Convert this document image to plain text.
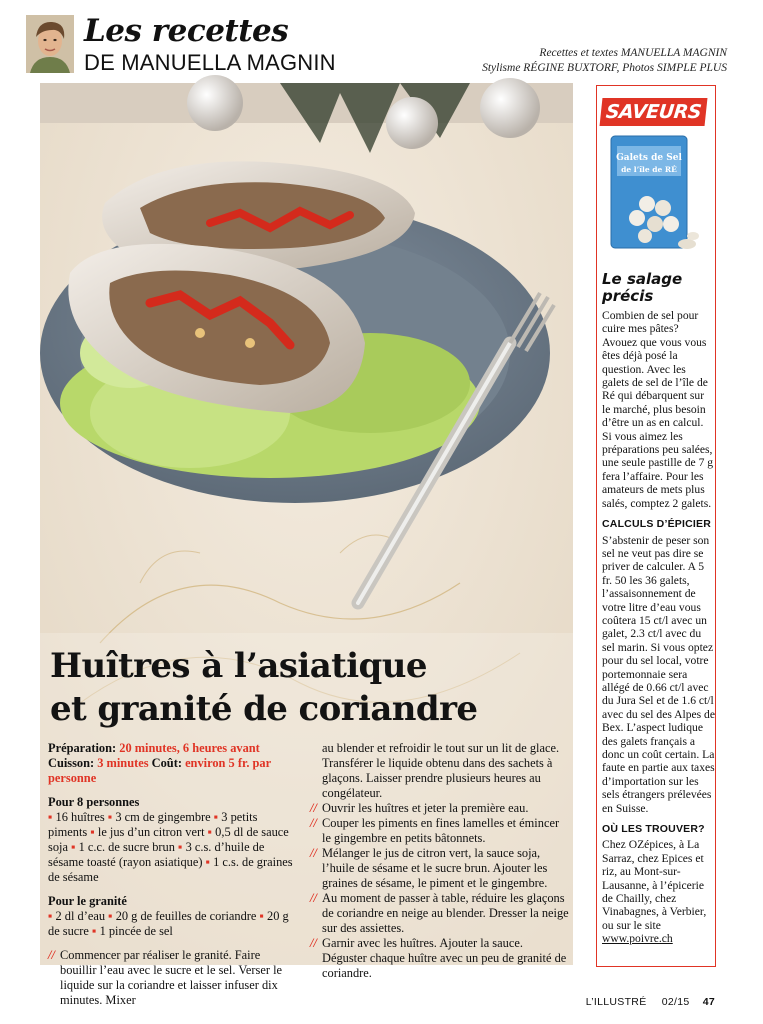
Les recettes
DE MANUELLA MAGNIN	Recettes et textes MANUELLA MAGNIN
Stylisme RÉGINE BUXTORF, Photos SIMPLE PLUS
Huîtres à l’asiatique
et granité de coriandre
Préparation: 20 minutes, 6 heures avant Cuisson: 3 minutes Coût: environ 5 fr. par personne
Pour 8 personnes
▪ 16 huîtres ▪ 3 cm de gingembre ▪ 3 petits piments ▪ le jus d’un citron vert ▪ 0,5 dl de sauce soja ▪ 1 c.c. de sucre brun ▪ 3 c.s. d’huile de sésame toasté (rayon asiatique) ▪ 1 c.s. de graines de sésame
Pour le granité
▪ 2 dl d’eau ▪ 20 g de feuilles de coriandre ▪ 20 g de sucre ▪ 1 pincée de sel
// Commencer par réaliser le granité. Faire bouillir l’eau avec le sucre et le sel. Verser le liquide sur la coriandre et laisser infuser dix minutes. Mixer
au blender et refroidir le tout sur un lit de glace. Transférer le liquide obtenu dans des sachets à glaçons. Laisser prendre plusieurs heures au congélateur.
// Ouvrir les huîtres et jeter la première eau.
// Couper les piments en fines lamelles et émincer le gingembre en petits bâtonnets.
// Mélanger le jus de citron vert, la sauce soja, l’huile de sésame et le sucre brun. Ajouter les graines de sésame, le piment et le gingembre.
// Au moment de passer à table, réduire les glaçons de coriandre en neige au blender. Dresser la neige sur des assiettes.
// Garnir avec les huîtres. Ajouter la sauce. Déguster chaque huître avec un peu de granité de coriandre.
SAVEURS
Galets de Sel
de l’île de RÉ
Le salage
précis

Combien de sel pour cuire mes pâtes? Avouez que vous vous êtes déjà posé la question. Avec les galets de sel de l’île de Ré qui débarquent sur le marché, plus besoin d’être un as en calcul. Si vous aimez les préparations peu salées, une seule pastille de 7 g fera l’affaire. Pour les amateurs de mets plus salés, comptez 2 galets.

CALCULS D’ÉPICIER

S’abstenir de peser son sel ne veut pas dire se priver de calculer. A 5 fr. 50 les 36 galets, l’assaisonnement de votre litre d’eau vous coûtera 15 ct/l avec un galet, 2.3 ct/l avec du sel marin. Si vous optez pour du sel local, votre portemonnaie sera allégé de 0.66 ct/l avec du Jura Sel et de 1.6 ct/l avec du sel des Alpes de Bex. L’aspect ludique des galets français a donc un coût certain. La faute en partie aux taxes d’importation sur les sels étrangers prélevées en Suisse.

OÙ LES TROUVER?

Chez OZépices, à La Sarraz, chez Epices et riz, au Mont-sur-Lausanne, à l’épicerie de Chailly, chez Vinabagnes, à Verbier, ou sur le site www.poivre.ch

L’ILLUSTRÉ 02/15 47
